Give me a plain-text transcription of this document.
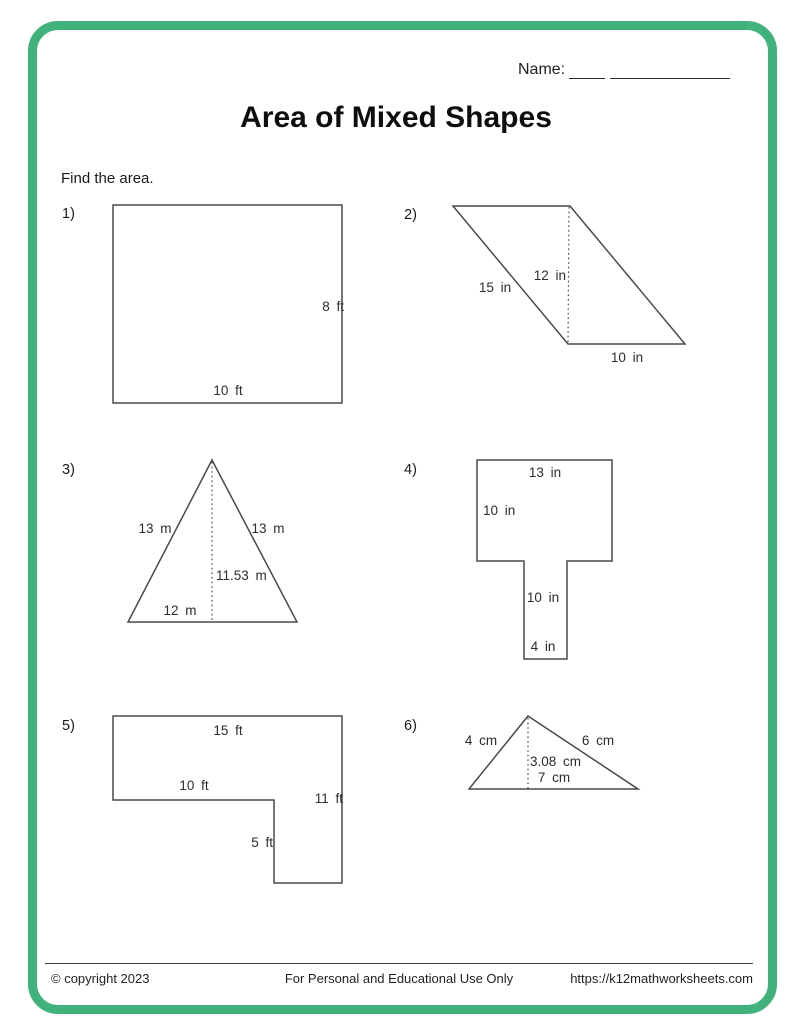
Name:
Area of Mixed Shapes
Find the area.
1)	2)
3)	4)
5)	6)
8 ft
10 ft
15 in
12 in
10 in
13 m	13 m
11.53 m
12 m
13 in
10 in
10 in
4 in
15 ft
10 ft
11 ft
5 ft
4 cm	6 cm
3.08 cm
7 cm
© copyright 2023	For Personal and Educational Use Only	https://k12mathworksheets.com
